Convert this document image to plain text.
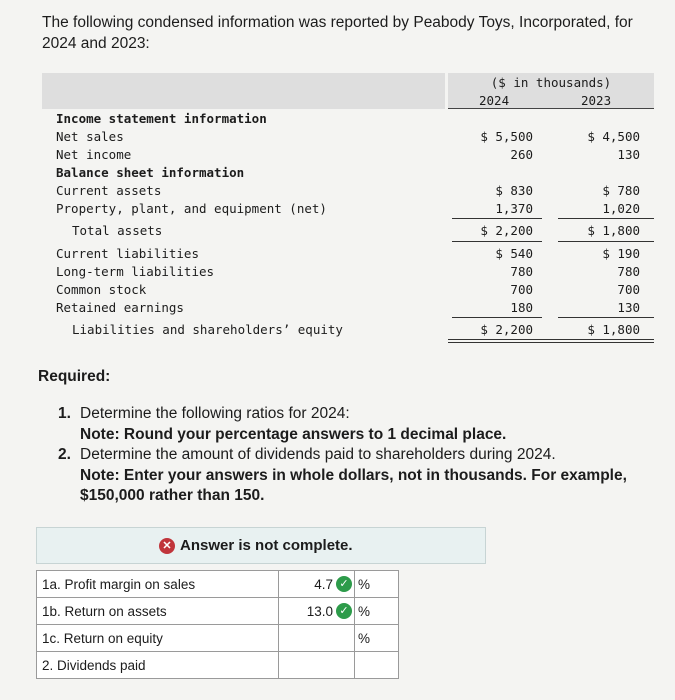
The following condensed information was reported by Peabody Toys, Incorporated, for 2024 and 2023:
($ in thousands)
2024	2023
Income statement information
Net sales	$ 5,500	$ 4,500
Net income	260	130
Balance sheet information
Current assets	$ 830	$ 780
Property, plant, and equipment (net)	1,370	1,020
Total assets	$ 2,200	$ 1,800
Current liabilities	$ 540	$ 190
Long-term liabilities	780	780
Common stock	700	700
Retained earnings	180	130
Liabilities and shareholders’ equity	$ 2,200	$ 1,800
Required:
1. Determine the following ratios for 2024:
Note: Round your percentage answers to 1 decimal place.
2. Determine the amount of dividends paid to shareholders during 2024.
Note: Enter your answers in whole dollars, not in thousands. For example, $150,000 rather than 150.
✕ Answer is not complete.
1a. Profit margin on sales	4.7 ✓	%
1b. Return on assets	13.0 ✓	%
1c. Return on equity		%
2. Dividends paid		
